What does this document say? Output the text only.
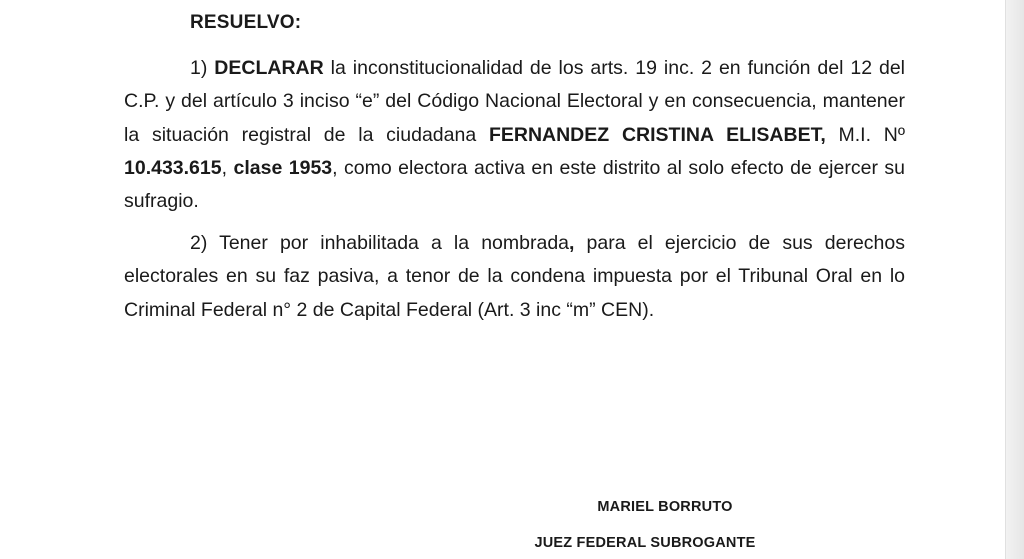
RESUELVO:
1) DECLARAR la inconstitucionalidad de los arts. 19 inc. 2 en función del 12 del C.P. y del artículo 3 inciso “e” del Código Nacional Electoral y en consecuencia, mantener la situación registral de la ciudadana FERNANDEZ CRISTINA ELISABET, M.I. Nº 10.433.615, clase 1953, como electora activa en este distrito al solo efecto de ejercer su sufragio.
2) Tener por inhabilitada a la nombrada, para el ejercicio de sus derechos electorales en su faz pasiva, a tenor de la condena impuesta por el Tribunal Oral en lo Criminal Federal n° 2 de Capital Federal (Art. 3 inc “m” CEN).
MARIEL BORRUTO
JUEZ FEDERAL SUBROGANTE
